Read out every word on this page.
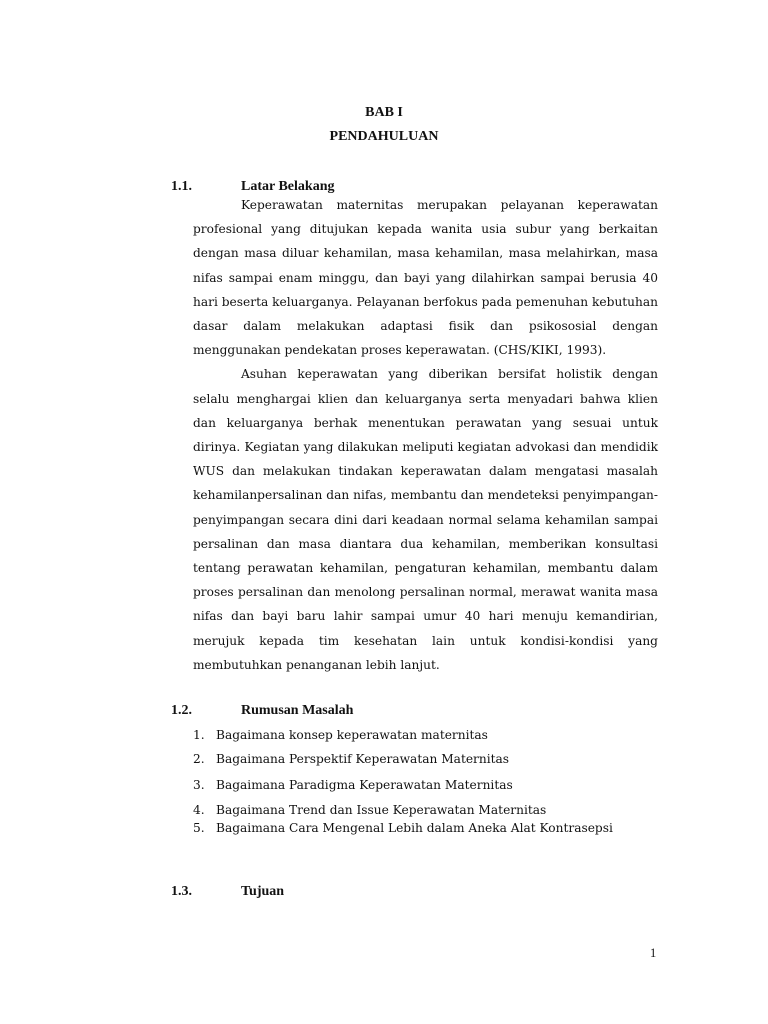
BAB I
PENDAHULUAN
1.1.	Latar Belakang

Keperawatan maternitas merupakan pelayanan keperawatan profesional yang ditujukan kepada wanita usia subur yang berkaitan dengan masa diluar kehamilan, masa kehamilan, masa melahirkan, masa nifas sampai enam minggu, dan bayi yang dilahirkan sampai berusia 40 hari beserta keluarganya. Pelayanan berfokus pada pemenuhan kebutuhan dasar dalam melakukan adaptasi fisik dan psikososial dengan menggunakan pendekatan proses keperawatan. (CHS/KIKI, 1993).

Asuhan keperawatan yang diberikan bersifat holistik dengan selalu menghargai klien dan keluarganya serta menyadari bahwa klien dan keluarganya berhak menentukan perawatan yang sesuai untuk dirinya. Kegiatan yang dilakukan meliputi kegiatan advokasi dan mendidik WUS dan melakukan tindakan keperawatan dalam mengatasi masalah kehamilanpersalinan dan nifas, membantu dan mendeteksi penyimpangan-penyimpangan secara dini dari keadaan normal selama kehamilan sampai persalinan dan masa diantara dua kehamilan, memberikan konsultasi tentang perawatan kehamilan, pengaturan kehamilan, membantu dalam proses persalinan dan menolong persalinan normal, merawat wanita masa nifas dan bayi baru lahir sampai umur 40 hari menuju kemandirian, merujuk kepada tim kesehatan lain untuk kondisi-kondisi yang membutuhkan penanganan lebih lanjut.

1.2.	Rumusan Masalah
1. Bagaimana konsep keperawatan maternitas
2. Bagaimana Perspektif Keperawatan Maternitas
3. Bagaimana Paradigma Keperawatan Maternitas
4. Bagaimana Trend dan Issue Keperawatan Maternitas
5. Bagaimana Cara Mengenal Lebih dalam Aneka Alat Kontrasepsi
1.3.	Tujuan
1
